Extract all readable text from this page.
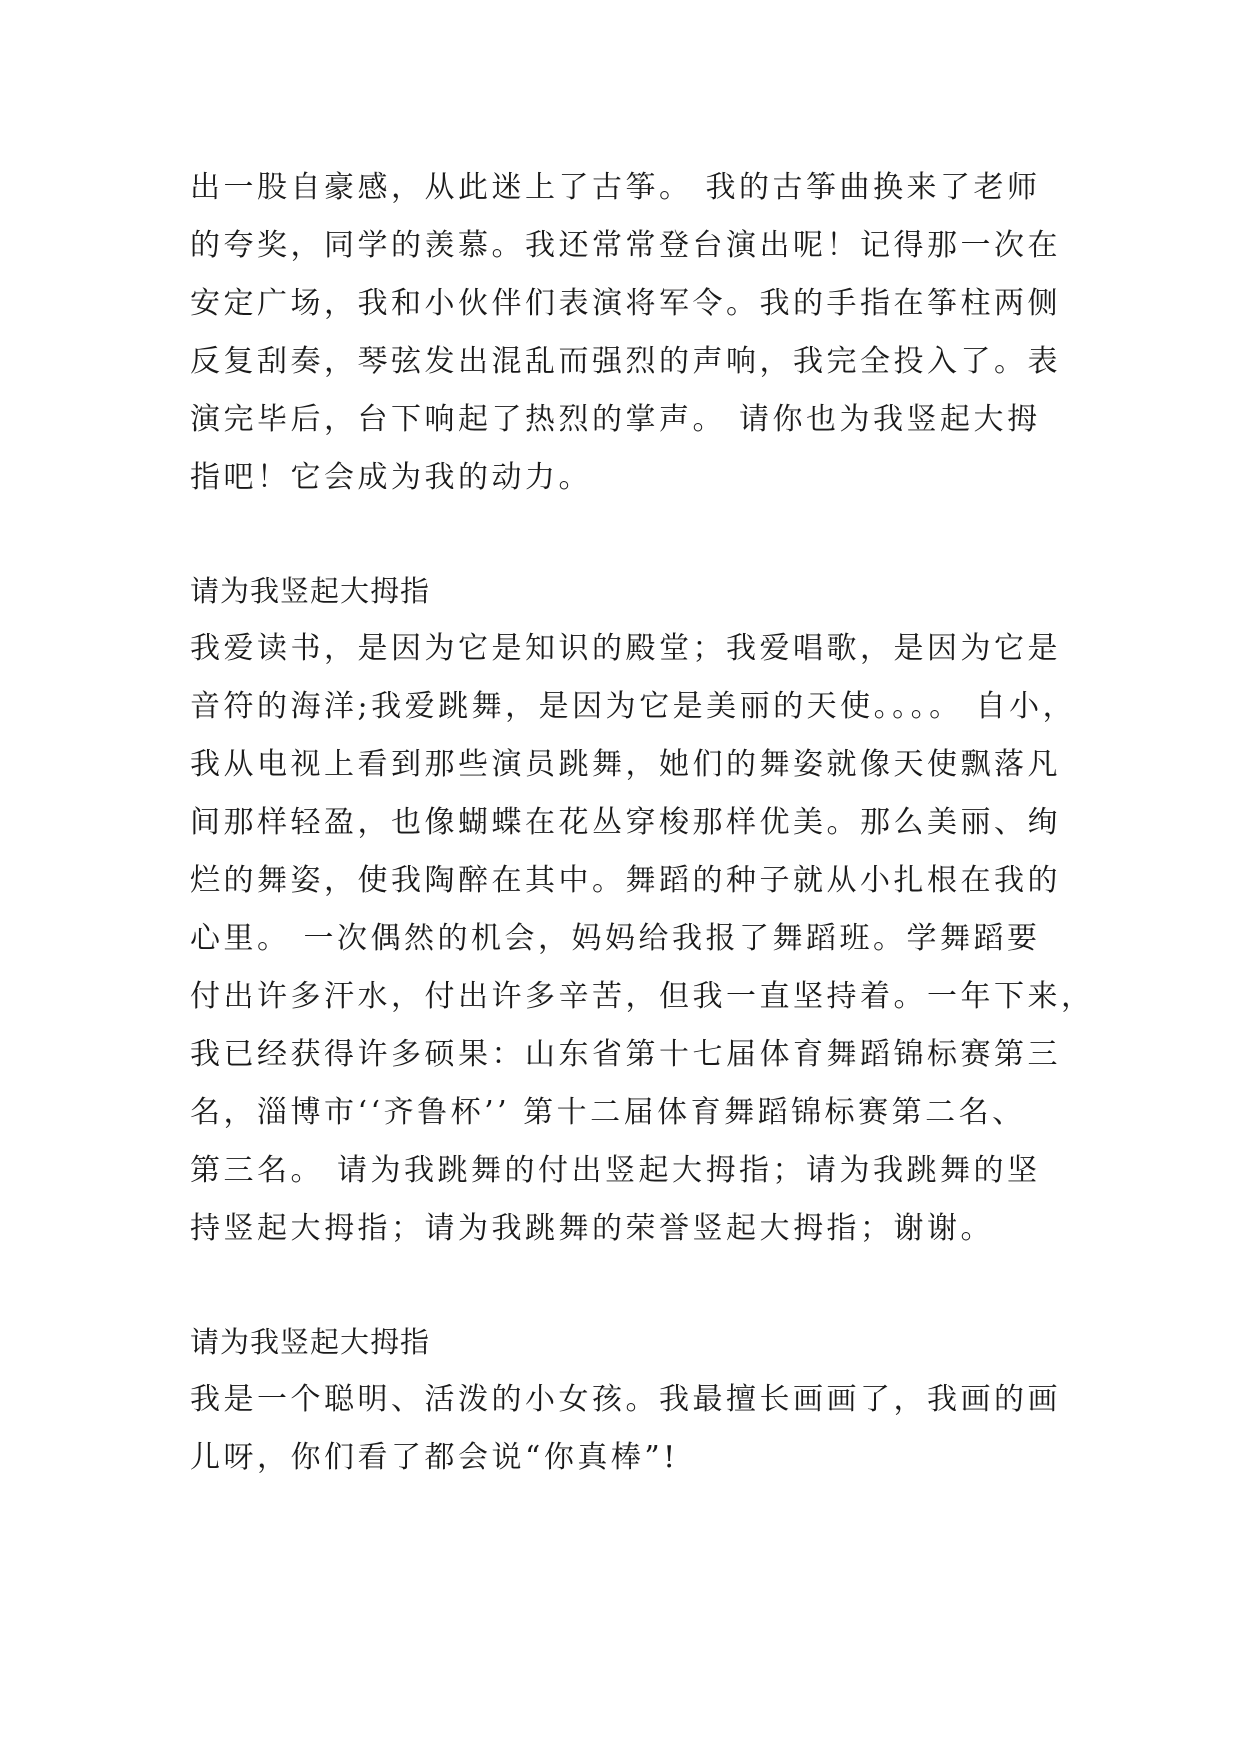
出一股自豪感，从此迷上了古筝。 我的古筝曲换来了老师
的夸奖，同学的羡慕。我还常常登台演出呢！记得那一次在
安定广场，我和小伙伴们表演将军令。我的手指在筝柱两侧
反复刮奏，琴弦发出混乱而强烈的声响，我完全投入了。表
演完毕后，台下响起了热烈的掌声。 请你也为我竖起大拇
指吧！它会成为我的动力。
请为我竖起大拇指
我爱读书，是因为它是知识的殿堂；我爱唱歌，是因为它是
音符的海洋;我爱跳舞，是因为它是美丽的天使。。。。 自小，
我从电视上看到那些演员跳舞，她们的舞姿就像天使飘落凡
间那样轻盈，也像蝴蝶在花丛穿梭那样优美。那么美丽、绚
烂的舞姿，使我陶醉在其中。舞蹈的种子就从小扎根在我的
心里。 一次偶然的机会，妈妈给我报了舞蹈班。学舞蹈要
付出许多汗水，付出许多辛苦，但我一直坚持着。一年下来，
我已经获得许多硕果：山东省第十七届体育舞蹈锦标赛第三
名，淄博市‘‘齐鲁杯’’ 第十二届体育舞蹈锦标赛第二名、
第三名。 请为我跳舞的付出竖起大拇指；请为我跳舞的坚
持竖起大拇指；请为我跳舞的荣誉竖起大拇指；谢谢。
请为我竖起大拇指
我是一个聪明、活泼的小女孩。我最擅长画画了，我画的画
儿呀，你们看了都会说“你真棒”!
